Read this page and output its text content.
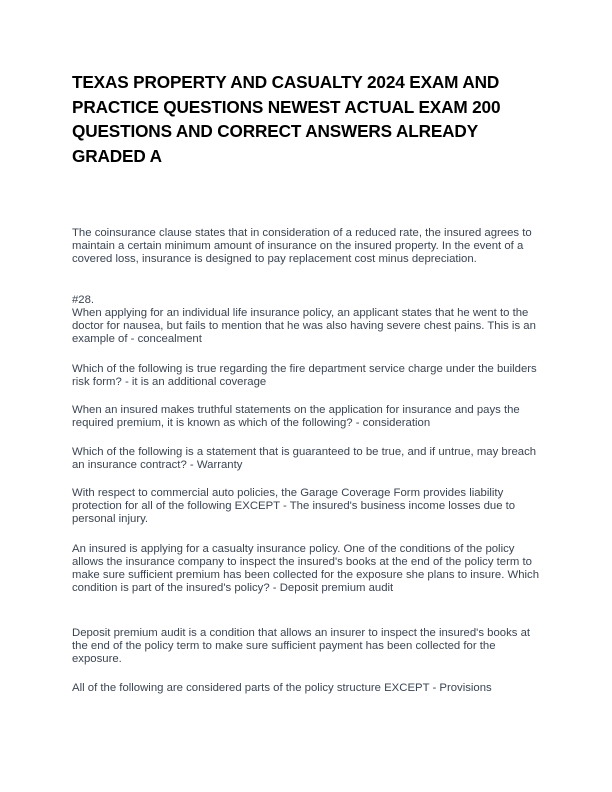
TEXAS PROPERTY AND CASUALTY 2024 EXAM AND PRACTICE QUESTIONS NEWEST ACTUAL EXAM 200 QUESTIONS AND CORRECT ANSWERS ALREADY GRADED A

The coinsurance clause states that in consideration of a reduced rate, the insured agrees to maintain a certain minimum amount of insurance on the insured property. In the event of a covered loss, insurance is designed to pay replacement cost minus depreciation.

#28.

When applying for an individual life insurance policy, an applicant states that he went to the doctor for nausea, but fails to mention that he was also having severe chest pains. This is an example of - concealment

Which of the following is true regarding the fire department service charge under the builders risk form? - it is an additional coverage

When an insured makes truthful statements on the application for insurance and pays the required premium, it is known as which of the following? - consideration

Which of the following is a statement that is guaranteed to be true, and if untrue, may breach an insurance contract? - Warranty

With respect to commercial auto policies, the Garage Coverage Form provides liability protection for all of the following EXCEPT - The insured's business income losses due to personal injury.

An insured is applying for a casualty insurance policy. One of the conditions of the policy allows the insurance company to inspect the insured's books at the end of the policy term to make sure sufficient premium has been collected for the exposure she plans to insure. Which condition is part of the insured's policy? - Deposit premium audit

Deposit premium audit is a condition that allows an insurer to inspect the insured's books at the end of the policy term to make sure sufficient payment has been collected for the exposure.

All of the following are considered parts of the policy structure EXCEPT - Provisions
